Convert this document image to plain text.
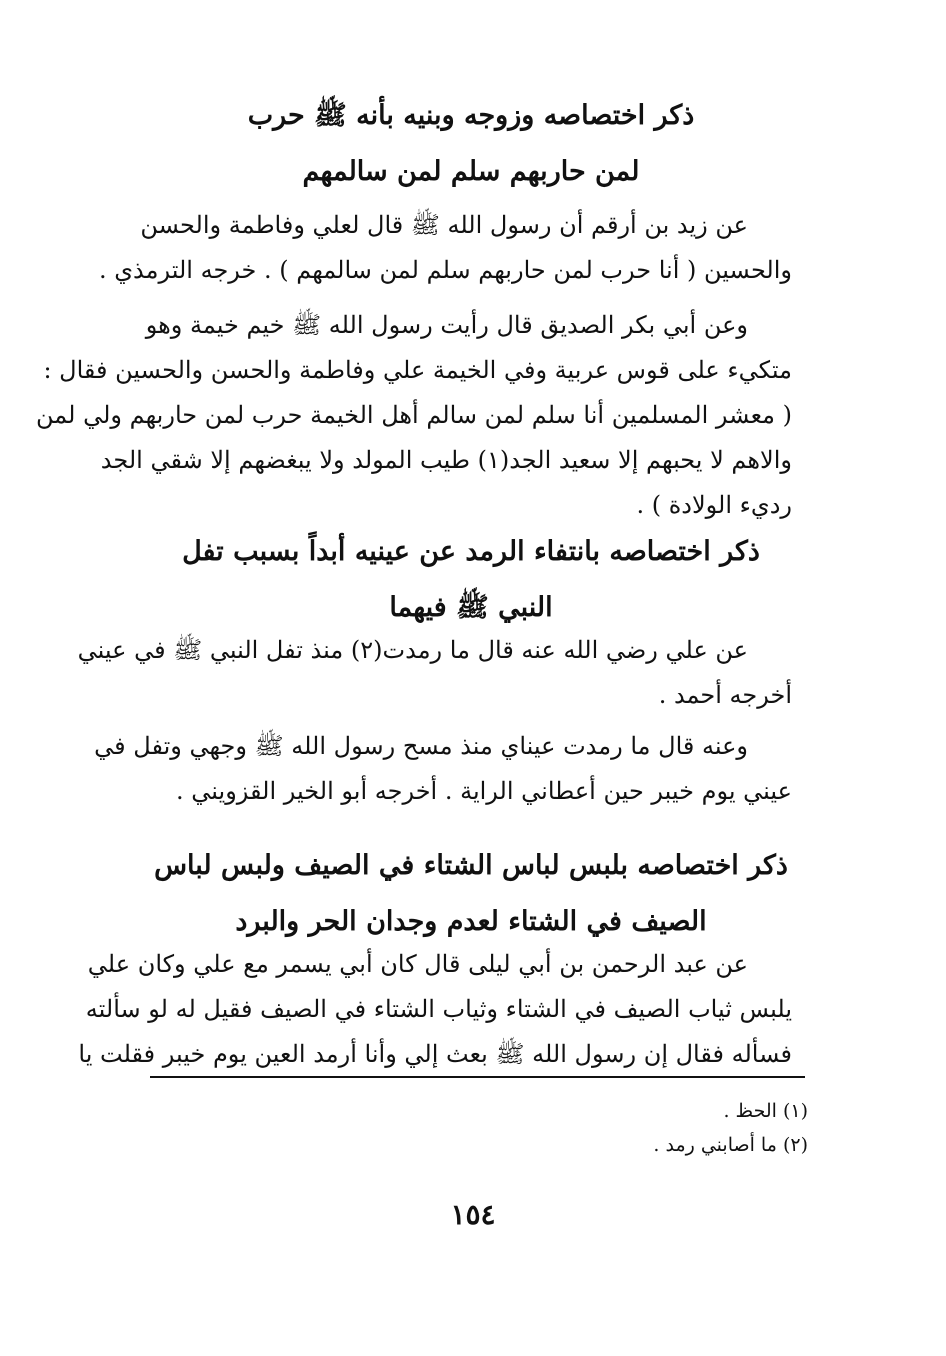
ذكر اختصاصه وزوجه وبنيه بأنه ﷺ حرب
لمن حاربهم سلم لمن سالمهم

عن زيد بن أرقم أن رسول الله ﷺ قال لعلي وفاطمة والحسن
والحسين ( أنا حرب لمن حاربهم سلم لمن سالمهم ) . خرجه الترمذي .

وعن أبي بكر الصديق قال رأيت رسول الله ﷺ خيم خيمة وهو
متكيء على قوس عربية وفي الخيمة علي وفاطمة والحسن والحسين فقال :
( معشر المسلمين أنا سلم لمن سالم أهل الخيمة حرب لمن حاربهم ولي لمن
والاهم لا يحبهم إلا سعيد الجد(١) طيب المولد ولا يبغضهم إلا شقي الجد
رديء الولادة ) .

ذكر اختصاصه بانتفاء الرمد عن عينيه أبداً بسبب تفل
النبي ﷺ فيهما

عن علي رضي الله عنه قال ما رمدت(٢) منذ تفل النبي ﷺ في عيني
أخرجه أحمد .

وعنه قال ما رمدت عيناي منذ مسح رسول الله ﷺ وجهي وتفل في
عيني يوم خيبر حين أعطاني الراية . أخرجه أبو الخير القزويني .

ذكر اختصاصه بلبس لباس الشتاء في الصيف ولبس لباس
الصيف في الشتاء لعدم وجدان الحر والبرد

عن عبد الرحمن بن أبي ليلى قال كان أبي يسمر مع علي وكان علي
يلبس ثياب الصيف في الشتاء وثياب الشتاء في الصيف فقيل له لو سألته
فسأله فقال إن رسول الله ﷺ بعث إلي وأنا أرمد العين يوم خيبر فقلت يا

(١) الحظ .
(٢) ما أصابني رمد .
١٥٤
